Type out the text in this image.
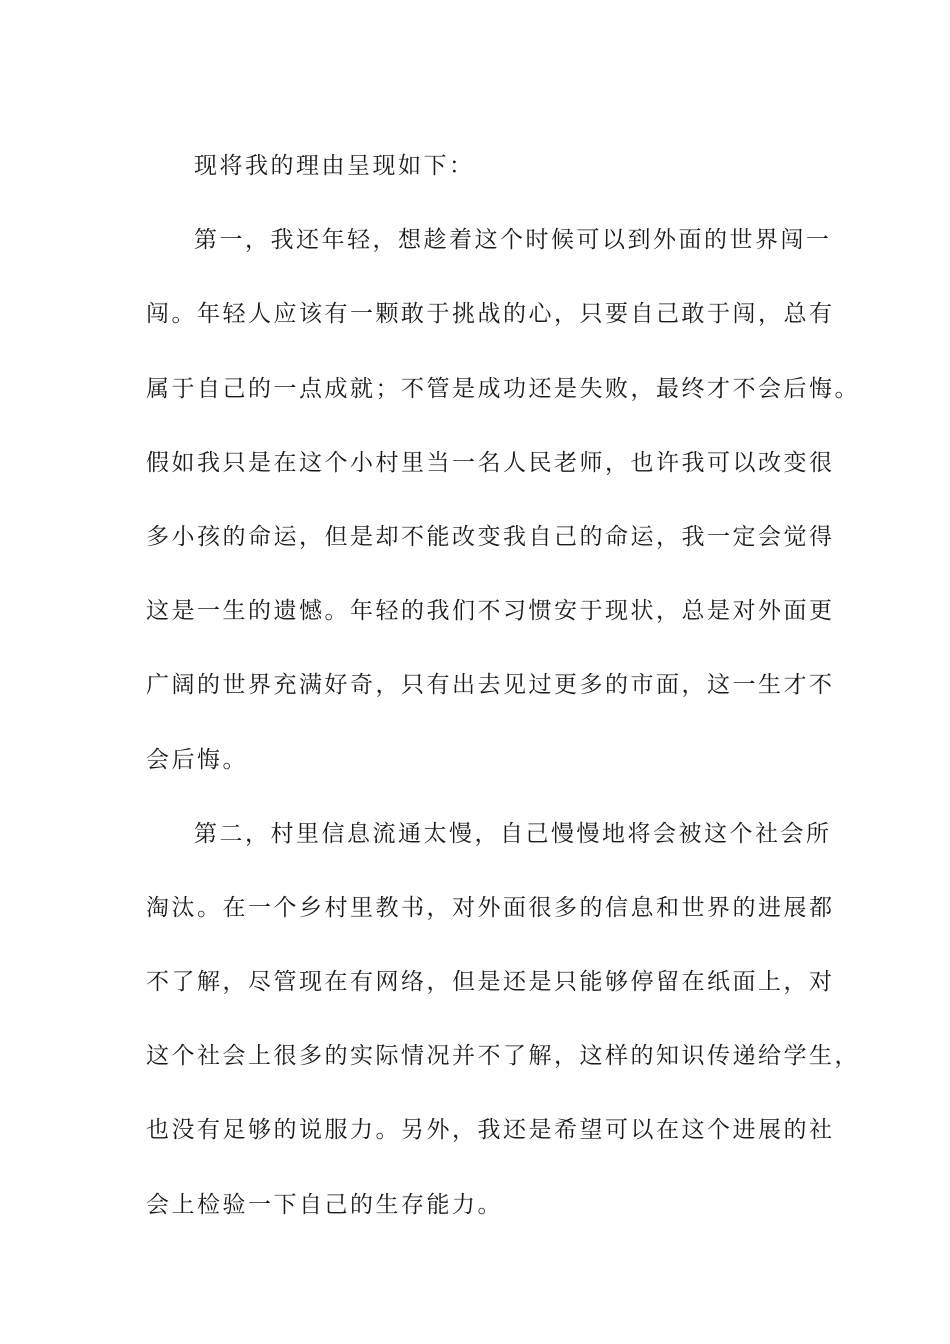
现将我的理由呈现如下：
第一，我还年轻，想趁着这个时候可以到外面的世界闯一
闯。年轻人应该有一颗敢于挑战的心，只要自己敢于闯，总有
属于自己的一点成就；不管是成功还是失败，最终才不会后悔。
假如我只是在这个小村里当一名人民老师，也许我可以改变很
多小孩的命运，但是却不能改变我自己的命运，我一定会觉得
这是一生的遗憾。年轻的我们不习惯安于现状，总是对外面更
广阔的世界充满好奇，只有出去见过更多的市面，这一生才不
会后悔。
第二，村里信息流通太慢，自己慢慢地将会被这个社会所
淘汰。在一个乡村里教书，对外面很多的信息和世界的进展都
不了解，尽管现在有网络，但是还是只能够停留在纸面上，对
这个社会上很多的实际情况并不了解，这样的知识传递给学生，
也没有足够的说服力。另外，我还是希望可以在这个进展的社
会上检验一下自己的生存能力。
